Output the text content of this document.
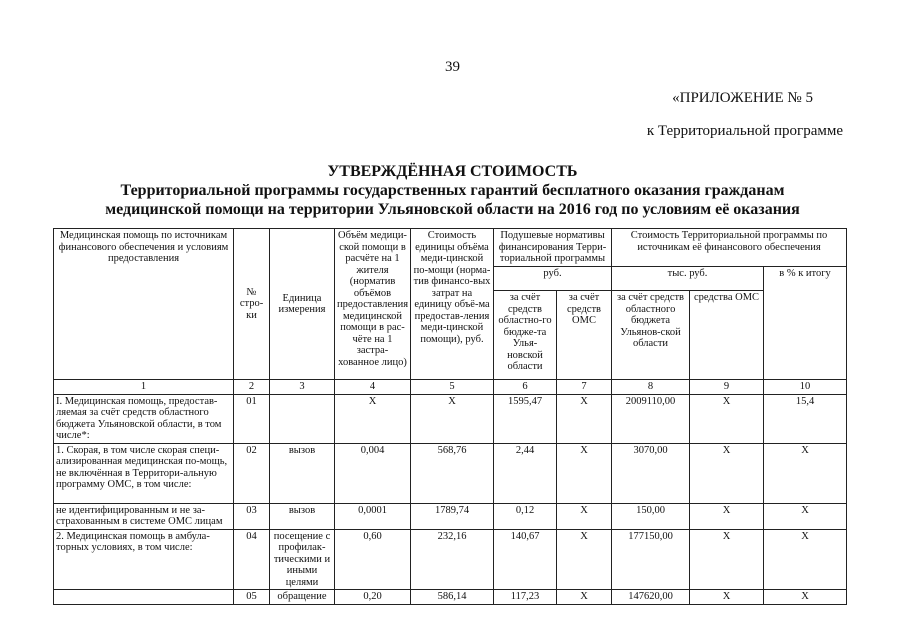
39
«ПРИЛОЖЕНИЕ № 5
к Территориальной программе
УТВЕРЖДЁННАЯ СТОИМОСТЬ
Территориальной программы государственных гарантий бесплатного оказания гражданам
медицинской помощи на территории Ульяновской области на 2016 год по условиям её оказания
Медицинская помощь по источникам финансового обеспечения и условиям предоставления	№ стро-ки	Единица измерения	Объём медици-ской помощи в расчёте на 1 жителя (норматив объёмов предоставления медицинской помощи в рас-чёте на 1 застра-хованное лицо)	Стоимость единицы объёма меди-цинской по-мощи (норма-тив финансо-вых затрат на единицу объё-ма предостав-ления меди-цинской помощи), руб.	Подушевые нормативы финансирования Терри-ториальной программы		Стоимость Территориальной программы по источникам её финансового обеспечения		
					руб.		тыс. руб.		в % к итогу
					за счёт средств областно-го бюдже-та Улья-новской области	за счёт средств ОМС	за счёт средств областного бюджета Ульянов-ской области	средства ОМС	
1	2	3	4	5	6	7	8	9	10
I. Медицинская помощь, предостав-ляемая за счёт средств областного бюджета Ульяновской области, в том числе*:	01		X	X	1595,47	X	2009110,00	X	15,4
1. Скорая, в том числе скорая специ-ализированная медицинская по-мощь, не включённая в Территори-альную программу ОМС, в том числе:	02	вызов	0,004	568,76	2,44	X	3070,00	X	X
не идентифицированным и не за-страхованным в системе ОМС лицам	03	вызов	0,0001	1789,74	0,12	X	150,00	X	X
2. Медицинская помощь в амбула-торных условиях, в том числе:	04	посещение с профилак-тическими и иными целями	0,60	232,16	140,67	X	177150,00	X	X
	05	обращение	0,20	586,14	117,23	X	147620,00	X	X
